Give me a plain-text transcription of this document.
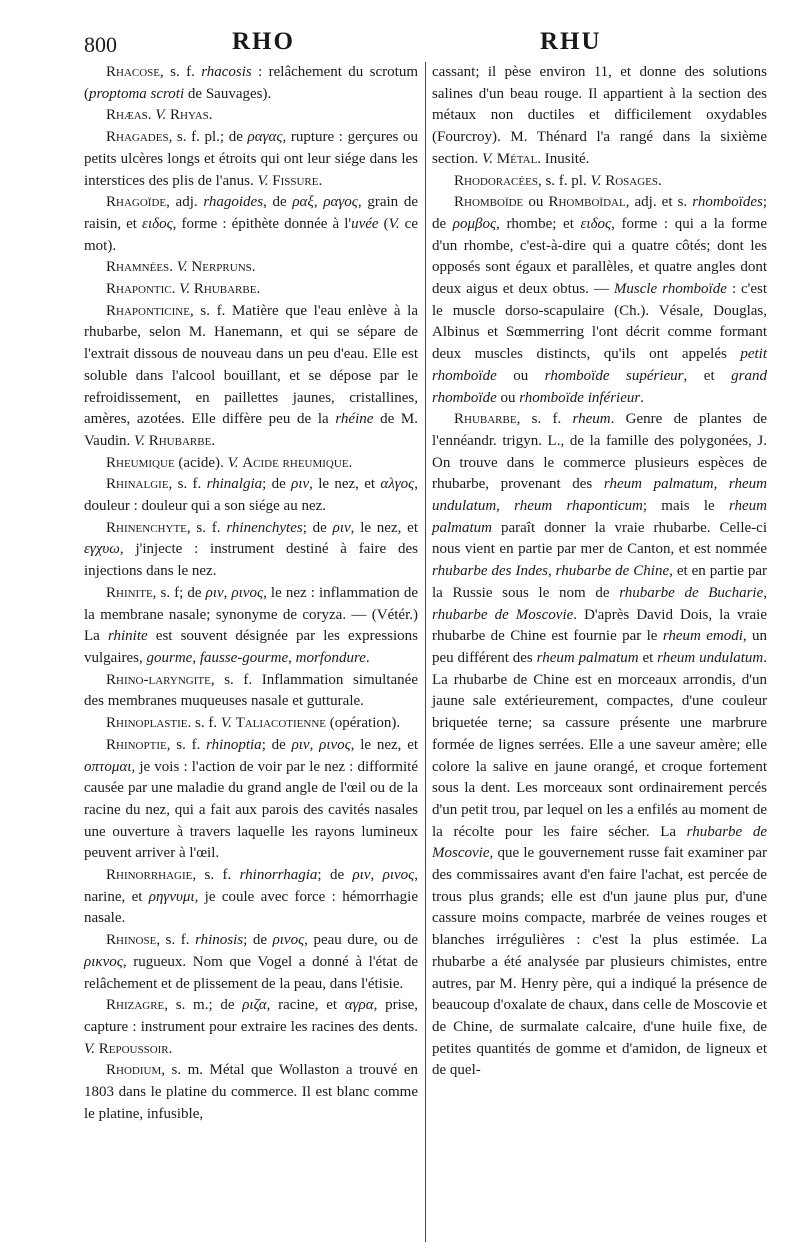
800	RHO	RHU

Rhacose, s. f. rhacosis : relâchement du scrotum (proptoma scroti de Sauvages).

Rhæas. V. Rhyas.

Rhagades, s. f. pl.; de ραγας, rupture : gerçures ou petits ulcères longs et étroits qui ont leur siége dans les interstices des plis de l'anus. V. Fissure.

Rhagoïde, adj. rhagoides, de ραξ, ραγος, grain de raisin, et ειδος, forme : épithète donnée à l'uvée (V. ce mot).

Rhamnées. V. Nerpruns.

Rhapontic. V. Rhubarbe.

Rhaponticine, s. f. Matière que l'eau enlève à la rhubarbe, selon M. Hanemann, et qui se sépare de l'extrait dissous de nouveau dans un peu d'eau. Elle est soluble dans l'alcool bouillant, et se dépose par le refroidissement, en paillettes jaunes, cristallines, amères, azotées. Elle diffère peu de la rhéine de M. Vaudin. V. Rhubarbe.

Rheumique (acide). V. Acide rheumique.

Rhinalgie, s. f. rhinalgia; de ριν, le nez, et αλγος, douleur : douleur qui a son siége au nez.

Rhinenchyte, s. f. rhinenchytes; de ριν, le nez, et εγχυω, j'injecte : instrument destiné à faire des injections dans le nez.

Rhinite, s. f; de ριν, ρινος, le nez : inflammation de la membrane nasale; synonyme de coryza. — (Vétér.) La rhinite est souvent désignée par les expressions vulgaires, gourme, fausse-gourme, morfondure.

Rhino-laryngite, s. f. Inflammation simultanée des membranes muqueuses nasale et gutturale.

Rhinoplastie. s. f. V. Taliacotienne (opération).

Rhinoptie, s. f. rhinoptia; de ριν, ρινος, le nez, et οπτομαι, je vois : l'action de voir par le nez : difformité causée par une maladie du grand angle de l'œil ou de la racine du nez, qui a fait aux parois des cavités nasales une ouverture à travers laquelle les rayons lumineux peuvent arriver à l'œil.

Rhinorrhagie, s. f. rhinorrhagia; de ριν, ρινος, narine, et ρηγνυμι, je coule avec force : hémorrhagie nasale.

Rhinose, s. f. rhinosis; de ρινος, peau dure, ou de ρικνος, rugueux. Nom que Vogel a donné à l'état de relâchement et de plissement de la peau, dans l'étisie.

Rhizagre, s. m.; de ριζα, racine, et αγρα, prise, capture : instrument pour extraire les racines des dents. V. Repoussoir.

Rhodium, s. m. Métal que Wollaston a trouvé en 1803 dans le platine du commerce. Il est blanc comme le platine, infusible,

cassant; il pèse environ 11, et donne des solutions salines d'un beau rouge. Il appartient à la section des métaux non ductiles et difficilement oxydables (Fourcroy). M. Thénard l'a rangé dans la sixième section. V. Métal. Inusité.

Rhodoracées, s. f. pl. V. Rosages.

Rhomboïde ou Rhomboïdal, adj. et s. rhomboïdes; de ρομβος, rhombe; et ειδος, forme : qui a la forme d'un rhombe, c'est-à-dire qui a quatre côtés; dont les opposés sont égaux et parallèles, et quatre angles dont deux aigus et deux obtus. — Muscle rhomboïde : c'est le muscle dorso-scapulaire (Ch.). Vésale, Douglas, Albinus et Sœmmerring l'ont décrit comme formant deux muscles distincts, qu'ils ont appelés petit rhomboïde ou rhomboïde supérieur, et grand rhomboïde ou rhomboïde inférieur.

Rhubarbe, s. f. rheum. Genre de plantes de l'ennéandr. trigyn. L., de la famille des polygonées, J. On trouve dans le commerce plusieurs espèces de rhubarbe, provenant des rheum palmatum, rheum undulatum, rheum rhaponticum; mais le rheum palmatum paraît donner la vraie rhubarbe. Celle-ci nous vient en partie par mer de Canton, et est nommée rhubarbe des Indes, rhubarbe de Chine, et en partie par la Russie sous le nom de rhubarbe de Bucharie, rhubarbe de Moscovie. D'après David Dois, la vraie rhubarbe de Chine est fournie par le rheum emodi, un peu différent des rheum palmatum et rheum undulatum. La rhubarbe de Chine est en morceaux arrondis, d'un jaune sale extérieurement, compactes, d'une couleur briquetée terne; sa cassure présente une marbrure formée de lignes serrées. Elle a une saveur amère; elle colore la salive en jaune orangé, et croque fortement sous la dent. Les morceaux sont ordinairement percés d'un petit trou, par lequel on les a enfilés au moment de la récolte pour les faire sécher. La rhubarbe de Moscovie, que le gouvernement russe fait examiner par des commissaires avant d'en faire l'achat, est percée de trous plus grands; elle est d'un jaune plus pur, d'une cassure moins compacte, marbrée de veines rouges et blanches irrégulières : c'est la plus estimée. La rhubarbe a été analysée par plusieurs chimistes, entre autres, par M. Henry père, qui a indiqué la présence de beaucoup d'oxalate de chaux, dans celle de Moscovie et de Chine, de surmalate calcaire, d'une huile fixe, de petites quantités de gomme et d'amidon, de ligneux et de quel-
